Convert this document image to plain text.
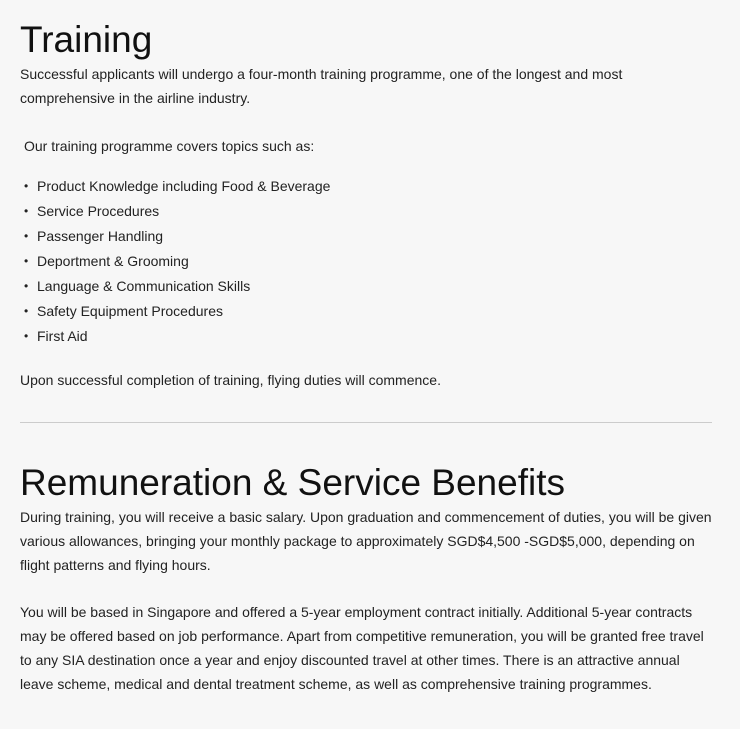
Training

Successful applicants will undergo a four-month training programme, one of the longest and most comprehensive in the airline industry.

Our training programme covers topics such as:

• Product Knowledge including Food & Beverage
• Service Procedures
• Passenger Handling
• Deportment & Grooming
• Language & Communication Skills
• Safety Equipment Procedures
• First Aid

Upon successful completion of training, flying duties will commence.

Remuneration & Service Benefits

During training, you will receive a basic salary. Upon graduation and commencement of duties, you will be given various allowances, bringing your monthly package to approximately SGD$4,500 -SGD$5,000, depending on flight patterns and flying hours.

You will be based in Singapore and offered a 5-year employment contract initially. Additional 5-year contracts may be offered based on job performance. Apart from competitive remuneration, you will be granted free travel to any SIA destination once a year and enjoy discounted travel at other times. There is an attractive annual leave scheme, medical and dental treatment scheme, as well as comprehensive training programmes.
